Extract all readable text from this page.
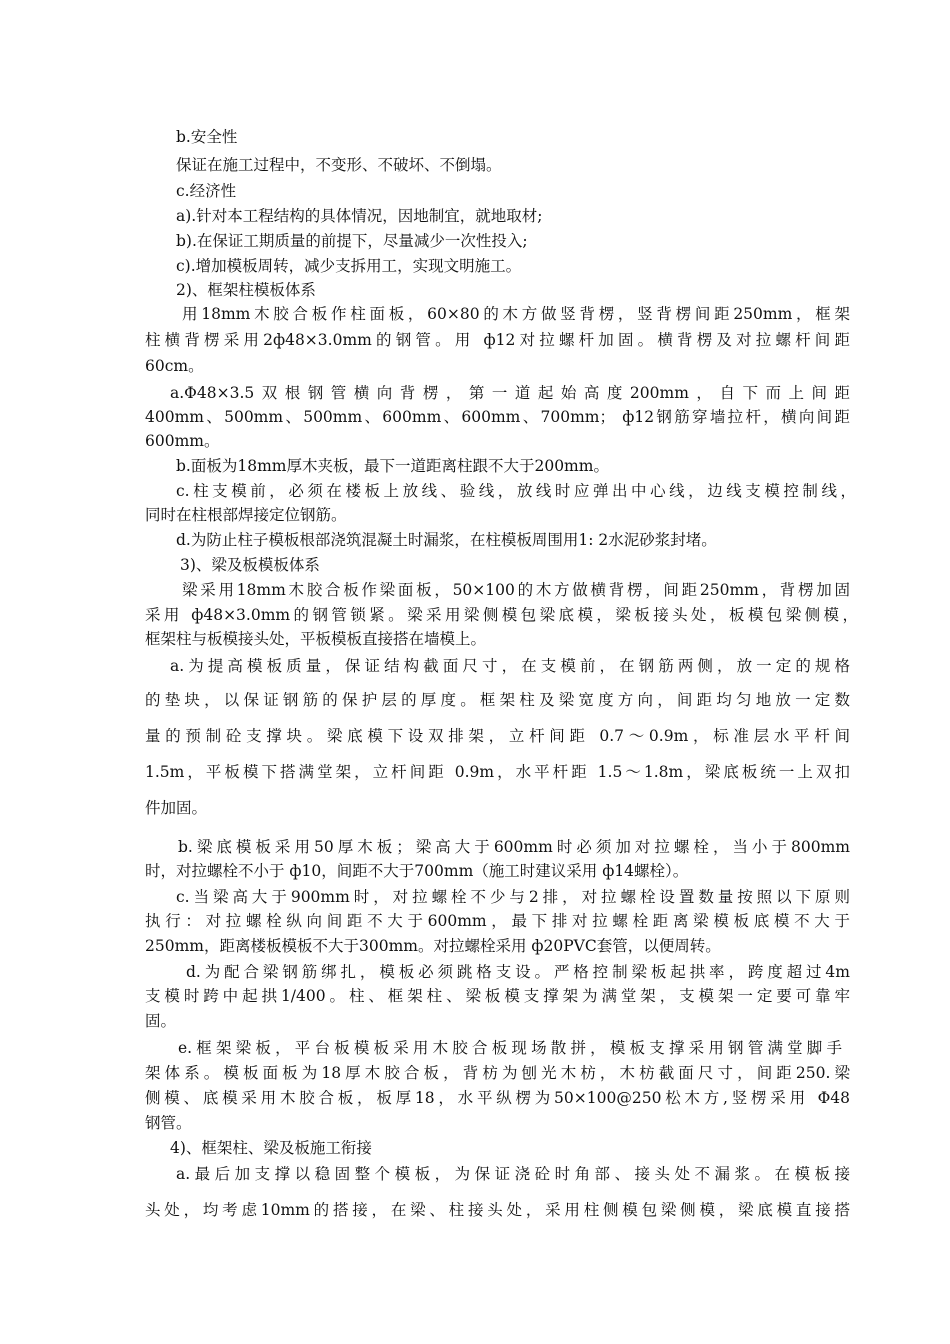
b.安全性
保证在施工过程中，不变形、不破坏、不倒塌。
c.经济性
a).针对本工程结构的具体情况，因地制宜，就地取材;
b).在保证工期质量的前提下，尽量减少一次性投入;
c).增加模板周转，减少支拆用工，实现文明施工。
2)、框架柱模板体系
用18mm木胶合板作柱面板，60×80的木方做竖背楞，竖背楞间距250mm，框架
柱横背楞采用2ф48×3.0mm的钢管。用 ф12对拉螺杆加固。横背楞及对拉螺杆间距
60cm。
a.Φ48×3.5双根钢管横向背楞，第一道起始高度200mm，自下而上间距
400mm、500mm、500mm、600mm、600mm、700mm； ф12钢筋穿墙拉杆，横向间距
600mm。
b.面板为18mm厚木夹板，最下一道距离柱跟不大于200mm。
c.柱支模前，必须在楼板上放线、验线，放线时应弹出中心线，边线支模控制线，
同时在柱根部焊接定位钢筋。
d.为防止柱子模板根部浇筑混凝土时漏浆，在柱模板周围用1: 2水泥砂浆封堵。
3)、梁及板模板体系
梁采用18mm木胶合板作梁面板，50×100的木方做横背楞，间距250mm，背楞加固
采用 ф48×3.0mm的钢管锁紧。梁采用梁侧模包梁底模，梁板接头处，板模包梁侧模，
框架柱与板模接头处，平板模板直接搭在墙模上。
a.为提高模板质量，保证结构截面尺寸，在支模前，在钢筋两侧，放一定的规格
的垫块，以保证钢筋的保护层的厚度。框架柱及梁宽度方向，间距均匀地放一定数
量的预制砼支撑块。梁底模下设双排架，立杆间距 0.7～0.9m，标准层水平杆间
1.5m，平板模下搭满堂架，立杆间距 0.9m，水平杆距 1.5～1.8m，梁底板统一上双扣
件加固。
b.梁底模板采用50厚木板；梁高大于600mm时必须加对拉螺栓，当小于800mm
时，对拉螺栓不小于 ф10，间距不大于700mm（施工时建议采用 ф14螺栓）。
c.当梁高大于900mm时，对拉螺栓不少与2排，对拉螺栓设置数量按照以下原则
执行：对拉螺栓纵向间距不大于600mm，最下排对拉螺栓距离梁模板底模不大于
250mm，距离楼板模板不大于300mm。对拉螺栓采用 ф20PVC套管，以便周转。
d.为配合梁钢筋绑扎，模板必须跳格支设。严格控制梁板起拱率，跨度超过4m
支模时跨中起拱1/400。柱、框架柱、梁板模支撑架为满堂架，支模架一定要可靠牢
固。
e.框架梁板，平台板模板采用木胶合板现场散拼，模板支撑采用钢管满堂脚手
架体系。模板面板为18厚木胶合板，背枋为刨光木枋，木枋截面尺寸，间距250.梁
侧模、底模采用木胶合板，板厚18，水平纵楞为50×100@250松木方,竖楞采用 Φ48
钢管。
4)、框架柱、梁及板施工衔接
a.最后加支撑以稳固整个模板，为保证浇砼时角部、接头处不漏浆。在模板接
头处，均考虑10mm的搭接，在梁、柱接头处，采用柱侧模包梁侧模，梁底模直接搭
